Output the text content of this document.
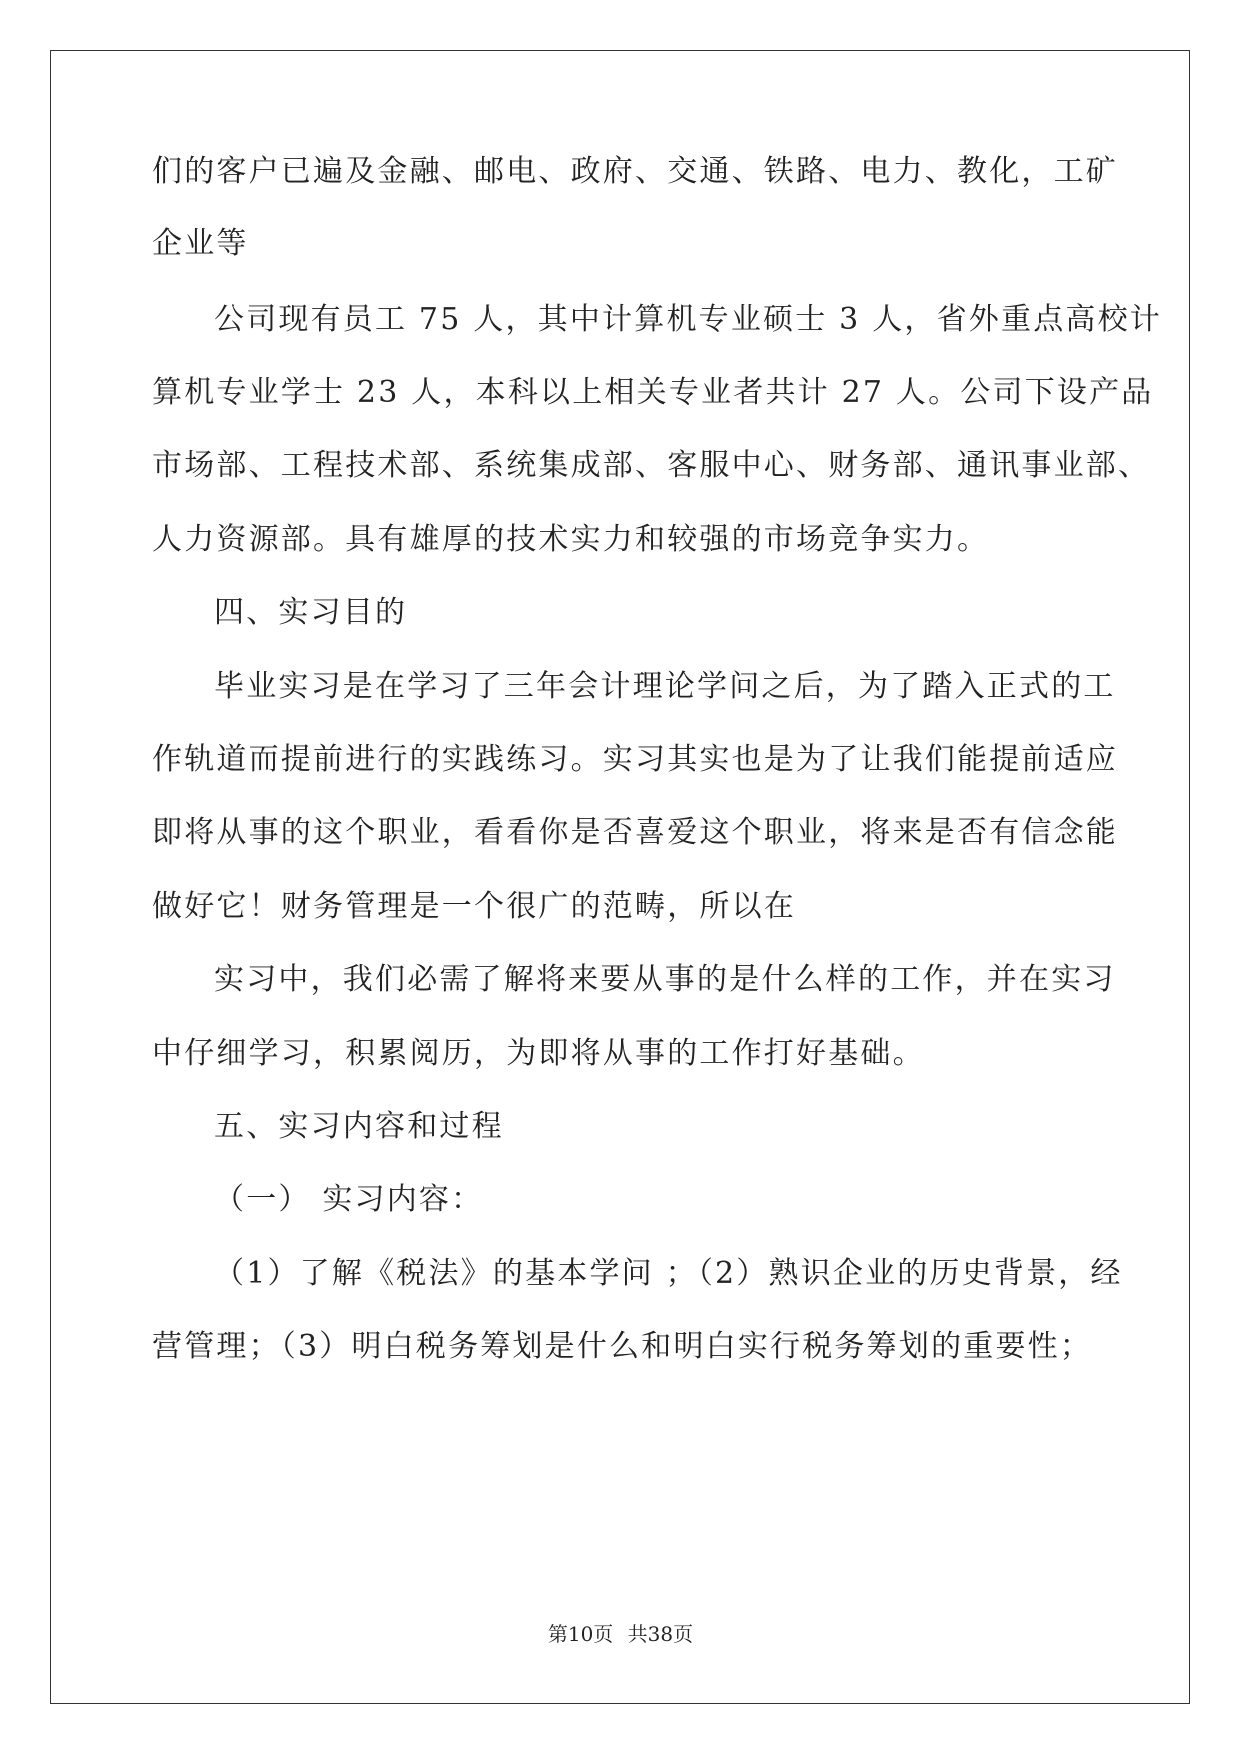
们的客户已遍及金融、邮电、政府、交通、铁路、电力、教化，工矿
企业等
公司现有员工 75 人，其中计算机专业硕士 3 人，省外重点高校计
算机专业学士 23 人，本科以上相关专业者共计 27 人。公司下设产品
市场部、工程技术部、系统集成部、客服中心、财务部、通讯事业部、
人力资源部。具有雄厚的技术实力和较强的市场竞争实力。
四、实习目的
毕业实习是在学习了三年会计理论学问之后，为了踏入正式的工
作轨道而提前进行的实践练习。实习其实也是为了让我们能提前适应
即将从事的这个职业，看看你是否喜爱这个职业，将来是否有信念能
做好它！财务管理是一个很广的范畴，所以在
实习中，我们必需了解将来要从事的是什么样的工作，并在实习
中仔细学习，积累阅历，为即将从事的工作打好基础。
五、实习内容和过程
（一） 实习内容：
（1）了解《税法》的基本学问 ；（2）熟识企业的历史背景，经
营管理；（3）明白税务筹划是什么和明白实行税务筹划的重要性；
第10页 共38页
